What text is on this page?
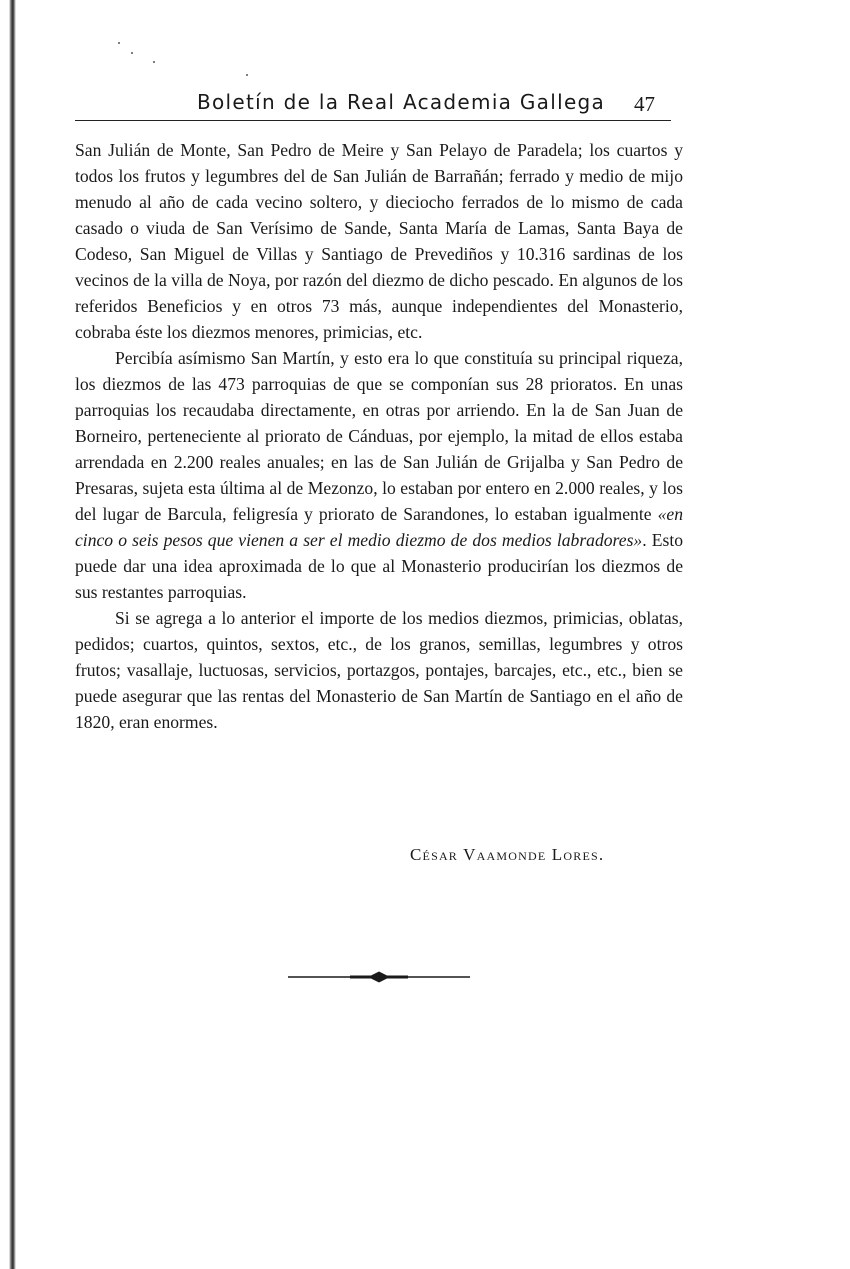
Boletín de la Real Academia Gallega 47

San Julián de Monte, San Pedro de Meire y San Pelayo de Paradela; los cuartos y todos los frutos y legumbres del de San Julián de Barrañán; ferrado y medio de mijo menudo al año de cada vecino soltero, y dieciocho ferrados de lo mismo de cada casado o viuda de San Verísimo de Sande, Santa María de Lamas, Santa Baya de Codeso, San Miguel de Villas y Santiago de Prevediños y 10.316 sardinas de los vecinos de la villa de Noya, por razón del diezmo de dicho pescado. En algunos de los referidos Beneficios y en otros 73 más, aunque independientes del Monasterio, cobraba éste los diezmos menores, primicias, etc.

Percibía asímismo San Martín, y esto era lo que constituía su principal riqueza, los diezmos de las 473 parroquias de que se componían sus 28 prioratos. En unas parroquias los recaudaba directamente, en otras por arriendo. En la de San Juan de Borneiro, perteneciente al priorato de Cánduas, por ejemplo, la mitad de ellos estaba arrendada en 2.200 reales anuales; en las de San Julián de Grijalba y San Pedro de Presaras, sujeta esta última al de Mezonzo, lo estaban por entero en 2.000 reales, y los del lugar de Barcula, feligresía y priorato de Sarandones, lo estaban igualmente «en cinco o seis pesos que vienen a ser el medio diezmo de dos medios labradores». Esto puede dar una idea aproximada de lo que al Monasterio producirían los diezmos de sus restantes parroquias.

Si se agrega a lo anterior el importe de los medios diezmos, primicias, oblatas, pedidos; cuartos, quintos, sextos, etc., de los granos, semillas, legumbres y otros frutos; vasallaje, luctuosas, servicios, portazgos, pontajes, barcajes, etc., etc., bien se puede asegurar que las rentas del Monasterio de San Martín de Santiago en el año de 1820, eran enormes.

César Vaamonde Lores.
